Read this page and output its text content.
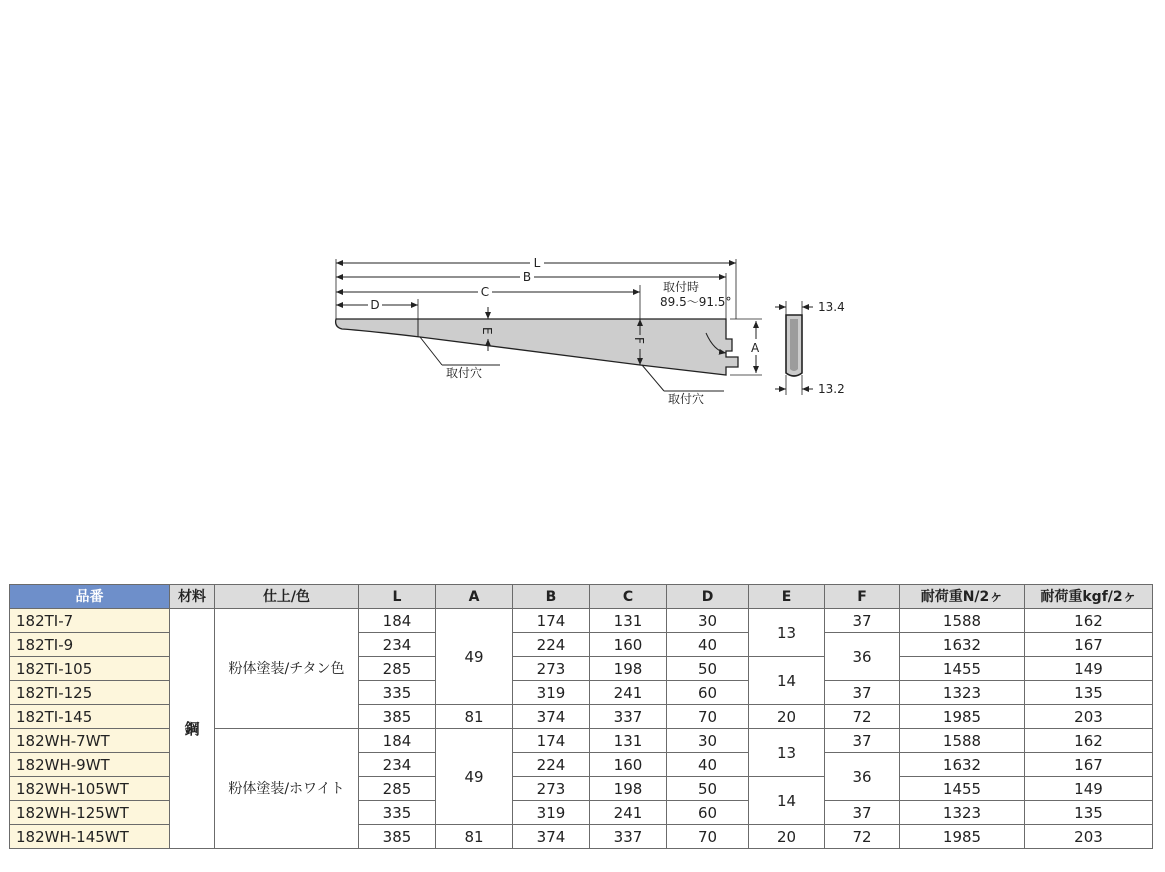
L
B
C
D
取付時
89.5～91.5°
E
F
A
取付穴
取付穴
13.4
13.2
品番	材料	仕上/色	L	A	B	C	D	E	F	耐荷重N/2ヶ	耐荷重kgf/2ヶ
182TI-7	鋼	粉体塗装/チタン色	184	49	174	131	30	13	37	1588	162
182TI-9			234		224	160	40		36	1632	167
182TI-105			285		273	198	50	14		1455	149
182TI-125			335		319	241	60		37	1323	135
182TI-145			385	81	374	337	70	20	72	1985	203
182WH-7WT		粉体塗装/ホワイト	184	49	174	131	30	13	37	1588	162
182WH-9WT			234		224	160	40		36	1632	167
182WH-105WT			285		273	198	50	14		1455	149
182WH-125WT			335		319	241	60		37	1323	135
182WH-145WT			385	81	374	337	70	20	72	1985	203
